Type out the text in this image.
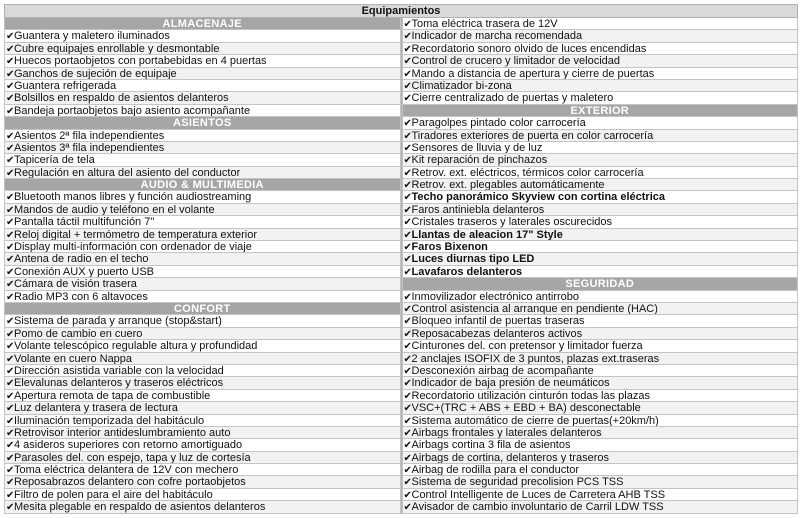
Equipamientos
ALMACENAJE
✔Guantera y maletero iluminados
✔Cubre equipajes enrollable y desmontable
✔Huecos portaobjetos con portabebidas en 4 puertas
✔Ganchos de sujeción de equipaje
✔Guantera refrigerada
✔Bolsillos en respaldo de asientos delanteros
✔Bandeja portaobjetos bajo asiento acompañante
ASIENTOS
✔Asientos 2ª fila independientes
✔Asientos 3ª fila independientes
✔Tapicería de tela
✔Regulación en altura del asiento del conductor
AUDIO & MULTIMEDIA
✔Bluetooth manos libres y función audiostreaming
✔Mandos de audio y teléfono en el volante
✔Pantalla táctil multifunción 7"
✔Reloj digital + termómetro de temperatura exterior
✔Display multi-información con ordenador de viaje
✔Antena de radio en el techo
✔Conexión AUX y puerto USB
✔Cámara de visión trasera
✔Radio MP3 con 6 altavoces
CONFORT
✔Sistema de parada y arranque (stop&start)
✔Pomo de cambio en cuero
✔Volante telescópico regulable altura y profundidad
✔Volante en cuero Nappa
✔Dirección asistida variable con la velocidad
✔Elevalunas delanteros y traseros eléctricos
✔Apertura remota de tapa de combustible
✔Luz delantera y trasera de lectura
✔Iluminación temporizada del habitáculo
✔Retrovisor interior antideslumbramiento auto
✔4 asideros superiores con retorno amortiguado
✔Parasoles del. con espejo, tapa y luz de cortesía
✔Toma eléctrica delantera de 12V con mechero
✔Reposabrazos delantero con cofre portaobjetos
✔Filtro de polen para el aire del habitáculo
✔Mesita plegable en respaldo de asientos delanteros
✔Toma eléctrica trasera de 12V
✔Indicador de marcha recomendada
✔Recordatorio sonoro olvido de luces encendidas
✔Control de crucero y limitador de velocidad
✔Mando a distancia de apertura y cierre de puertas
✔Climatizador bi-zona
✔Cierre centralizado de puertas y maletero
EXTERIOR
✔Paragolpes pintado color carrocería
✔Tiradores exteriores de puerta en color carrocería
✔Sensores de lluvia y de luz
✔Kit reparación de pinchazos
✔Retrov. ext. eléctricos, térmicos color carrocería
✔Retrov. ext. plegables automáticamente
✔Techo panorámico Skyview con cortina eléctrica
✔Faros antiniebla delanteros
✔Cristales traseros y laterales oscurecidos
✔Llantas de aleacion 17" Style
✔Faros Bixenon
✔Luces diurnas tipo LED
✔Lavafaros delanteros
SEGURIDAD
✔Inmovilizador electrónico antirrobo
✔Control asistencia al arranque en pendiente (HAC)
✔Bloqueo infantil de puertas traseras
✔Reposacabezas delanteros activos
✔Cinturones del. con pretensor y limitador fuerza
✔2 anclajes ISOFIX de 3 puntos, plazas ext.traseras
✔Desconexión airbag de acompañante
✔Indicador de baja presión de neumáticos
✔Recordatorio utilización cinturón todas las plazas
✔VSC+(TRC + ABS + EBD + BA) desconectable
✔Sistema automático de cierre de puertas(+20km/h)
✔Airbags frontales y laterales delanteros
✔Airbags cortina 3 fila de asientos
✔Airbags de cortina, delanteros y traseros
✔Airbag de rodilla para el conductor
✔Sistema de seguridad precolision PCS TSS
✔Control Intelligente de Luces de Carretera AHB TSS
✔Avisador de cambio involuntario de Carril LDW TSS
